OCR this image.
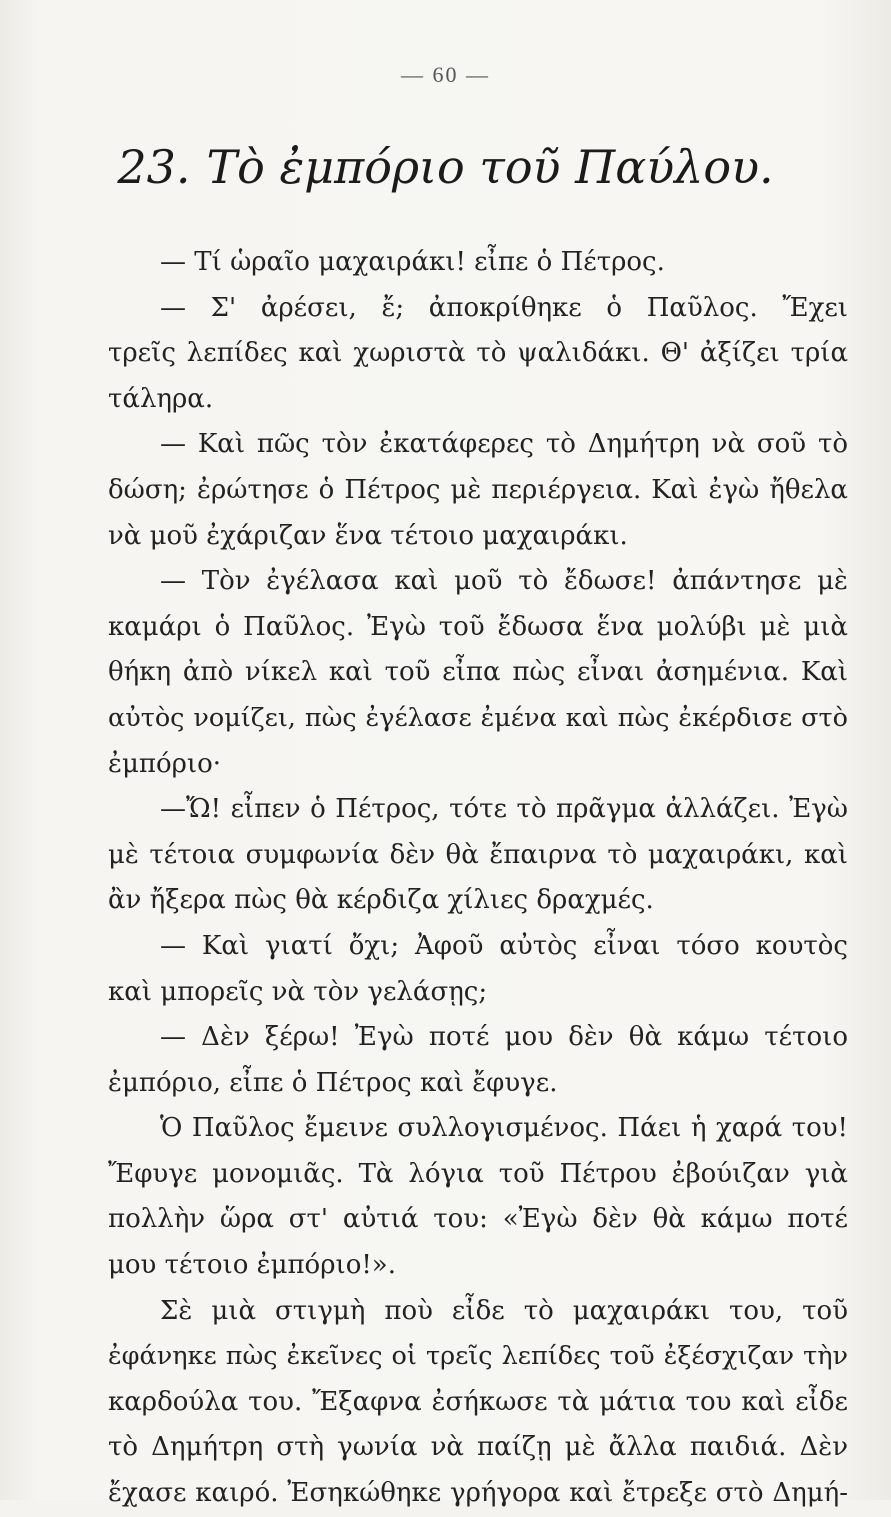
— 60 —
23. Τὸ ἐμπόριο τοῦ Παύλου.
— Τί ὡραῖο μαχαιράκι! εἶπε ὁ Πέτρος.
— Σ' ἀρέσει, ἔ; ἀποκρίθηκε ὁ Παῦλος. Ἔχει
τρεῖς λεπίδες καὶ χωριστὰ τὸ ψαλιδάκι. Θ' ἀξίζει τρία
τάληρα.
— Καὶ πῶς τὸν ἐκατάφερες τὸ Δημήτρη νὰ σοῦ τὸ
δώση; ἐρώτησε ὁ Πέτρος μὲ περιέργεια. Καὶ ἐγὼ ἤθελα
νὰ μοῦ ἐχάριζαν ἕνα τέτοιο μαχαιράκι.
— Τὸν ἐγέλασα καὶ μοῦ τὸ ἔδωσε! ἀπάντησε μὲ
καμάρι ὁ Παῦλος. Ἐγὼ τοῦ ἔδωσα ἕνα μολύβι μὲ μιὰ
θήκη ἀπὸ νίκελ καὶ τοῦ εἶπα πὼς εἶναι ἀσημένια. Καὶ
αὐτὸς νομίζει, πὼς ἐγέλασε ἐμένα καὶ πὼς ἐκέρδισε στὸ
ἐμπόριο·
—Ὤ! εἶπεν ὁ Πέτρος, τότε τὸ πρᾶγμα ἀλλάζει. Ἐγὼ
μὲ τέτοια συμφωνία δὲν θὰ ἔπαιρνα τὸ μαχαιράκι, καὶ
ἂν ἤξερα πὼς θὰ κέρδιζα χίλιες δραχμές.
— Καὶ γιατί ὄχι; Ἀφοῦ αὐτὸς εἶναι τόσο κουτὸς
καὶ μπορεῖς νὰ τὸν γελάσῃς;
— Δὲν ξέρω! Ἐγὼ ποτέ μου δὲν θὰ κάμω τέτοιο
ἐμπόριο, εἶπε ὁ Πέτρος καὶ ἔφυγε.
Ὁ Παῦλος ἔμεινε συλλογισμένος. Πάει ἡ χαρά του!
Ἔφυγε μονομιᾶς. Τὰ λόγια τοῦ Πέτρου ἐβούιζαν γιὰ
πολλὴν ὥρα στ' αὐτιά του: «Ἐγὼ δὲν θὰ κάμω ποτέ
μου τέτοιο ἐμπόριο!».
Σὲ μιὰ στιγμὴ ποὺ εἶδε τὸ μαχαιράκι του, τοῦ
ἐφάνηκε πὼς ἐκεῖνες οἱ τρεῖς λεπίδες τοῦ ἐξέσχιζαν τὴν
καρδούλα του. Ἔξαφνα ἐσήκωσε τὰ μάτια του καὶ εἶδε
τὸ Δημήτρη στὴ γωνία νὰ παίζῃ μὲ ἄλλα παιδιά. Δὲν
ἔχασε καιρό. Ἐσηκώθηκε γρήγορα καὶ ἔτρεξε στὸ Δημή-
